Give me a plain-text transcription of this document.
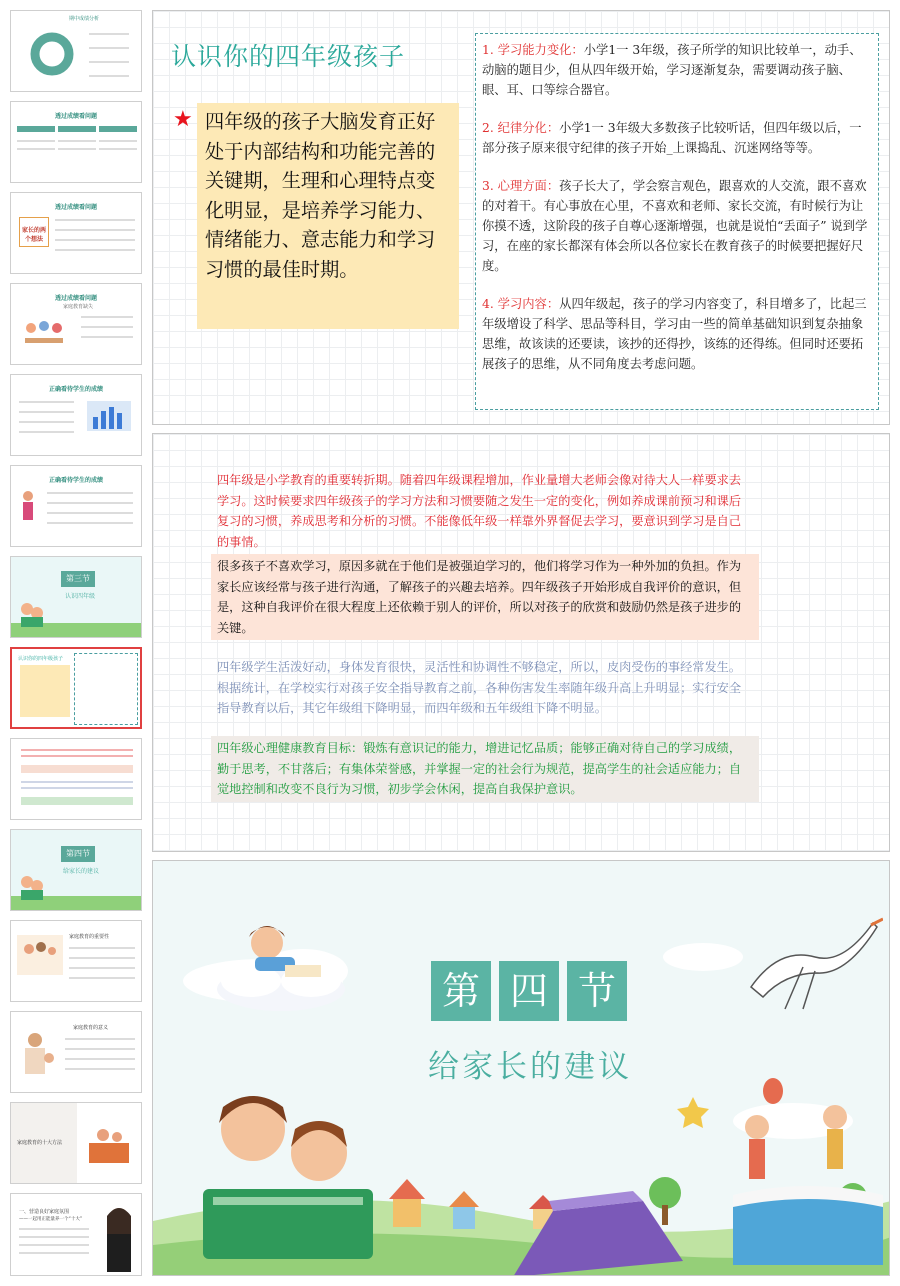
期中成绩分析
透过成绩看问题
透过成绩看问题
家长的两个想法
透过成绩看问题
家庭教育缺失
正确看待学生的成绩
正确看待学生的成绩
第三节
认识四年级
认识你的四年级孩子
第四节
给家长的建议
家庭教育的重要性
家庭教育的意义
家庭教育的十大方法
一、营造良好家庭氛围
——一起用正能量养一个“十大”
认识你的四年级孩子
★ 四年级的孩子大脑发育正好处于内部结构和功能完善的关键期，生理和心理特点变化明显，是培养学习能力、情绪能力、意志能力和学习习惯的最佳时期。

1. 学习能力变化：小学1一 3年级，孩子所学的知识比较单一，动手、动脑的题目少，但从四年级开始，学习逐渐复杂，需要调动孩子脑、眼、耳、口等综合器官。

2. 纪律分化：小学1一 3年级大多数孩子比较听话，但四年级以后，一部分孩子原来很守纪律的孩子开始_上课捣乱、沉迷网络等等。

3. 心理方面：孩子长大了，学会察言观色，跟喜欢的人交流，跟不喜欢的对着干。有心事放在心里，不喜欢和老师、家长交流，有时候行为让你摸不透，这阶段的孩子自尊心逐渐增强，也就是说怕“丢面子” 说到学习，在座的家长都深有体会所以各位家长在教育孩子的时候要把握好尺度。

4. 学习内容：从四年级起，孩子的学习内容变了，科目增多了，比起三年级增设了科学、思品等科目，学习由一些的简单基础知识到复杂抽象思维，故该读的还要读，该抄的还得抄，该练的还得练。但同时还要拓展孩子的思维，从不同角度去考虑问题。

四年级是小学教育的重要转折期。随着四年级课程增加，作业量增大老师会像对待大人一样要求去学习。这时候要求四年级孩子的学习方法和习惯要随之发生一定的变化，例如养成课前预习和课后复习的习惯，养成思考和分析的习惯。不能像低年级一样靠外界督促去学习，要意识到学习是自己的事情。
很多孩子不喜欢学习，原因多就在于他们是被强迫学习的，他们将学习作为一种外加的负担。作为家长应该经常与孩子进行沟通，了解孩子的兴趣去培养。四年级孩子开始形成自我评价的意识，但是，这种自我评价在很大程度上还依赖于别人的评价，所以对孩子的欣赏和鼓励仍然是孩子进步的关键。
四年级学生活泼好动，身体发育很快，灵活性和协调性不够稳定，所以，皮肉受伤的事经常发生。根据统计，在学校实行对孩子安全指导教育之前，各种伤害发生率随年级升高上升明显；实行安全指导教育以后，其它年级组下降明显，而四年级和五年级组下降不明显。
四年级心理健康教育目标：锻炼有意识记的能力，增进记忆品质；能够正确对待自己的学习成绩，勤于思考，不甘落后；有集体荣誉感，并掌握一定的社会行为规范，提高学生的社会适应能力；自觉地控制和改变不良行为习惯，初步学会休闲，提高自我保护意识。
第 四 节
给家长的建议
